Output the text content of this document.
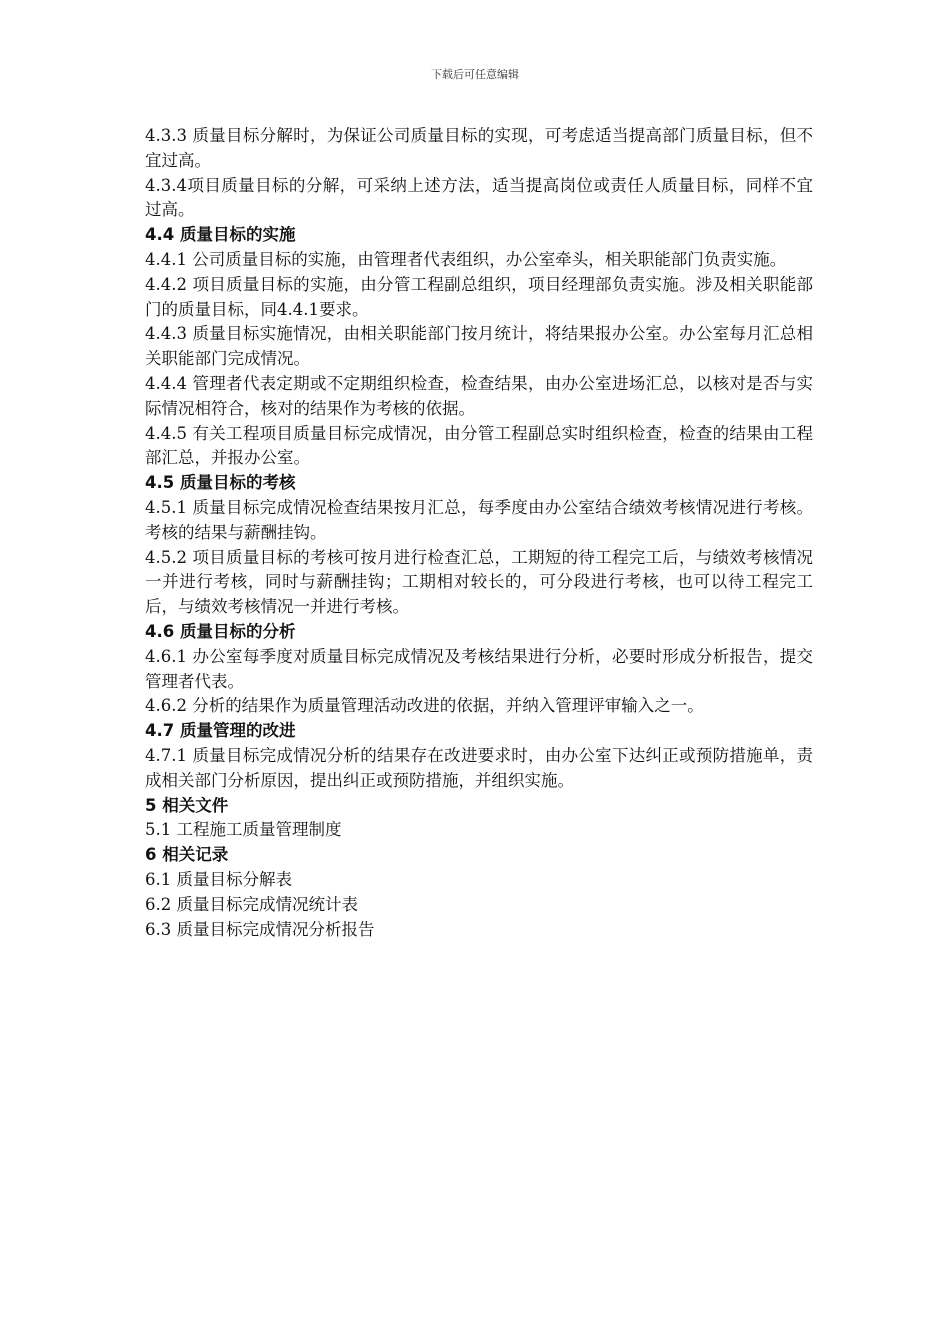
下载后可任意编辑

4.3.3 质量目标分解时，为保证公司质量目标的实现，可考虑适当提高部门质量目标，但不宜过高。

4.3.4项目质量目标的分解，可采纳上述方法，适当提高岗位或责任人质量目标，同样不宜过高。

4.4 质量目标的实施

4.4.1 公司质量目标的实施，由管理者代表组织，办公室牵头，相关职能部门负责实施。

4.4.2 项目质量目标的实施，由分管工程副总组织，项目经理部负责实施。涉及相关职能部门的质量目标，同4.4.1要求。

4.4.3 质量目标实施情况，由相关职能部门按月统计，将结果报办公室。办公室每月汇总相关职能部门完成情况。

4.4.4 管理者代表定期或不定期组织检查，检查结果，由办公室进场汇总，以核对是否与实际情况相符合，核对的结果作为考核的依据。

4.4.5 有关工程项目质量目标完成情况，由分管工程副总实时组织检查，检查的结果由工程部汇总，并报办公室。

4.5 质量目标的考核

4.5.1 质量目标完成情况检查结果按月汇总，每季度由办公室结合绩效考核情况进行考核。考核的结果与薪酬挂钩。

4.5.2 项目质量目标的考核可按月进行检查汇总，工期短的待工程完工后，与绩效考核情况一并进行考核，同时与薪酬挂钩；工期相对较长的，可分段进行考核，也可以待工程完工后，与绩效考核情况一并进行考核。

4.6 质量目标的分析

4.6.1 办公室每季度对质量目标完成情况及考核结果进行分析，必要时形成分析报告，提交管理者代表。

4.6.2 分析的结果作为质量管理活动改进的依据，并纳入管理评审输入之一。

4.7 质量管理的改进

4.7.1 质量目标完成情况分析的结果存在改进要求时，由办公室下达纠正或预防措施单，责成相关部门分析原因，提出纠正或预防措施，并组织实施。

5 相关文件

5.1 工程施工质量管理制度

6 相关记录

6.1 质量目标分解表

6.2 质量目标完成情况统计表

6.3 质量目标完成情况分析报告
